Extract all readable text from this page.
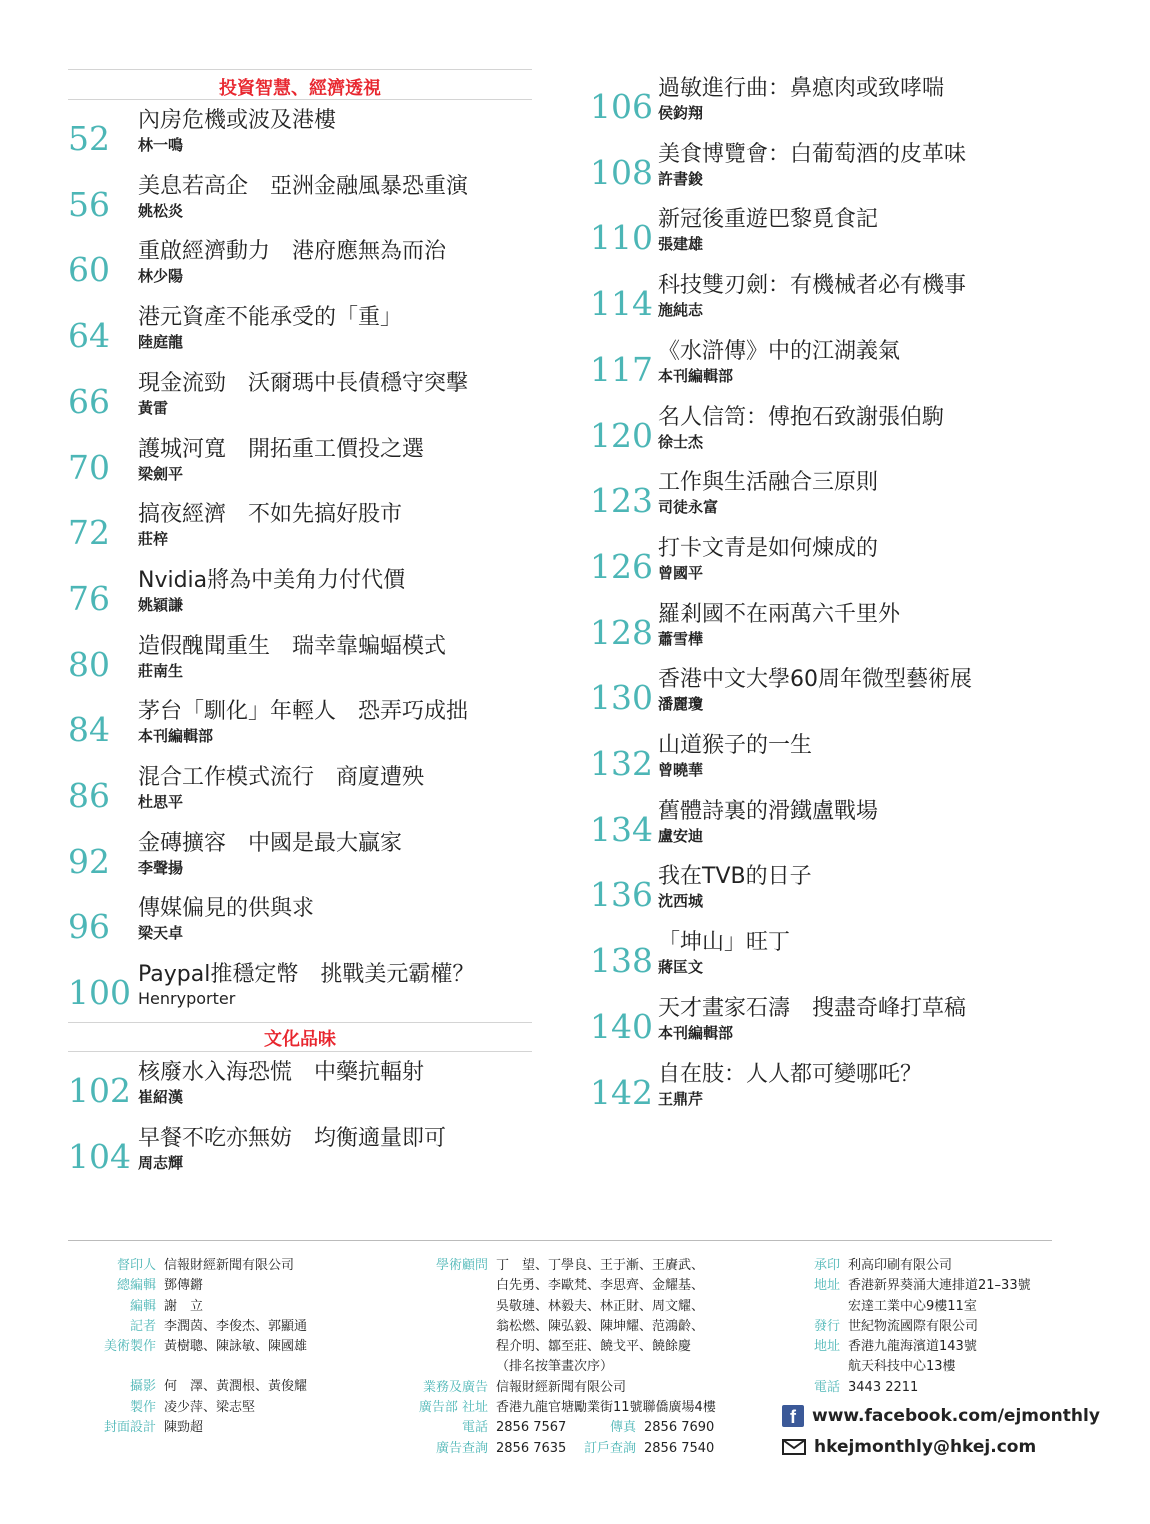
投資智慧、經濟透視
52	內房危機或波及港樓
林一鳴
56	美息若高企　亞洲金融風暴恐重演
姚松炎
60	重啟經濟動力　港府應無為而治
林少陽
64	港元資產不能承受的「重」
陸庭龍
66	現金流勁　沃爾瑪中長債穩守突擊
黃雷
70	護城河寬　開拓重工價投之選
梁劍平
72	搞夜經濟　不如先搞好股市
莊梓
76	Nvidia將為中美角力付代價
姚穎謙
80	造假醜聞重生　瑞幸靠蝙蝠模式
莊南生
84	茅台「馴化」年輕人　恐弄巧成拙
本刊編輯部
86	混合工作模式流行　商廈遭殃
杜思平
92	金磚擴容　中國是最大贏家
李聲揚
96	傳媒偏見的供與求
梁天卓
100 Paypal推穩定幣　挑戰美元霸權？
Henryporter
文化品味
102 核廢水入海恐慌　中藥抗輻射
崔紹漢
104 早餐不吃亦無妨　均衡適量即可
周志輝
106 過敏進行曲：鼻瘜肉或致哮喘
侯鈞翔
108 美食博覽會：白葡萄酒的皮革味
許書鋑
110 新冠後重遊巴黎覓食記
張建雄
114 科技雙刃劍：有機械者必有機事
施純志
117 《水滸傳》中的江湖義氣
本刊編輯部
120 名人信笥：傅抱石致謝張伯駒
徐士杰
123 工作與生活融合三原則
司徒永富
126 打卡文青是如何煉成的
曾國平
128 羅剎國不在兩萬六千里外
蕭雪樺
130 香港中文大學60周年微型藝術展
潘麗瓊
132 山道猴子的一生
曾曉華
134 舊體詩裏的滑鐵盧戰場
盧安迪
136 我在TVB的日子
沈西城
138 「坤山」旺丁
蔣匡文
140 天才畫家石濤　搜盡奇峰打草稿
本刊編輯部
142 自在肢：人人都可變哪吒？
王鼎芹
督印人 信報財經新聞有限公司
總編輯 鄧傳鏘
編輯 謝　立
記者 李潤茵、李俊杰、郭顯通
美術製作 黃樹聰、陳詠敏、陳國雄
攝影 何　澤、黃潤根、黃俊耀
製作 凌少萍、梁志堅
封面設計 陳勁超
學術顧問 丁　望、丁學良、王于漸、王賡武、
白先勇、李歐梵、李思齊、金耀基、
吳敬璉、林毅夫、林正財、周文耀、
翁松燃、陳弘毅、陳坤耀、范鴻齡、
程介明、鄒至莊、饒戈平、饒餘慶
（排名按筆畫次序）
業務及廣告 信報財經新聞有限公司
廣告部 社址 香港九龍官塘勵業街11號聯僑廣場4樓
電話 2856 7567	傳真 2856 7690
廣告查詢 2856 7635	訂戶查詢 2856 7540
承印 利高印刷有限公司
地址 香港新界葵涌大連排道21–33號
宏達工業中心9樓11室
發行 世紀物流國際有限公司
地址 香港九龍海濱道143號
航天科技中心13樓
電話 3443 2211
f www.facebook.com/ejmonthly
hkejmonthly@hkej.com
